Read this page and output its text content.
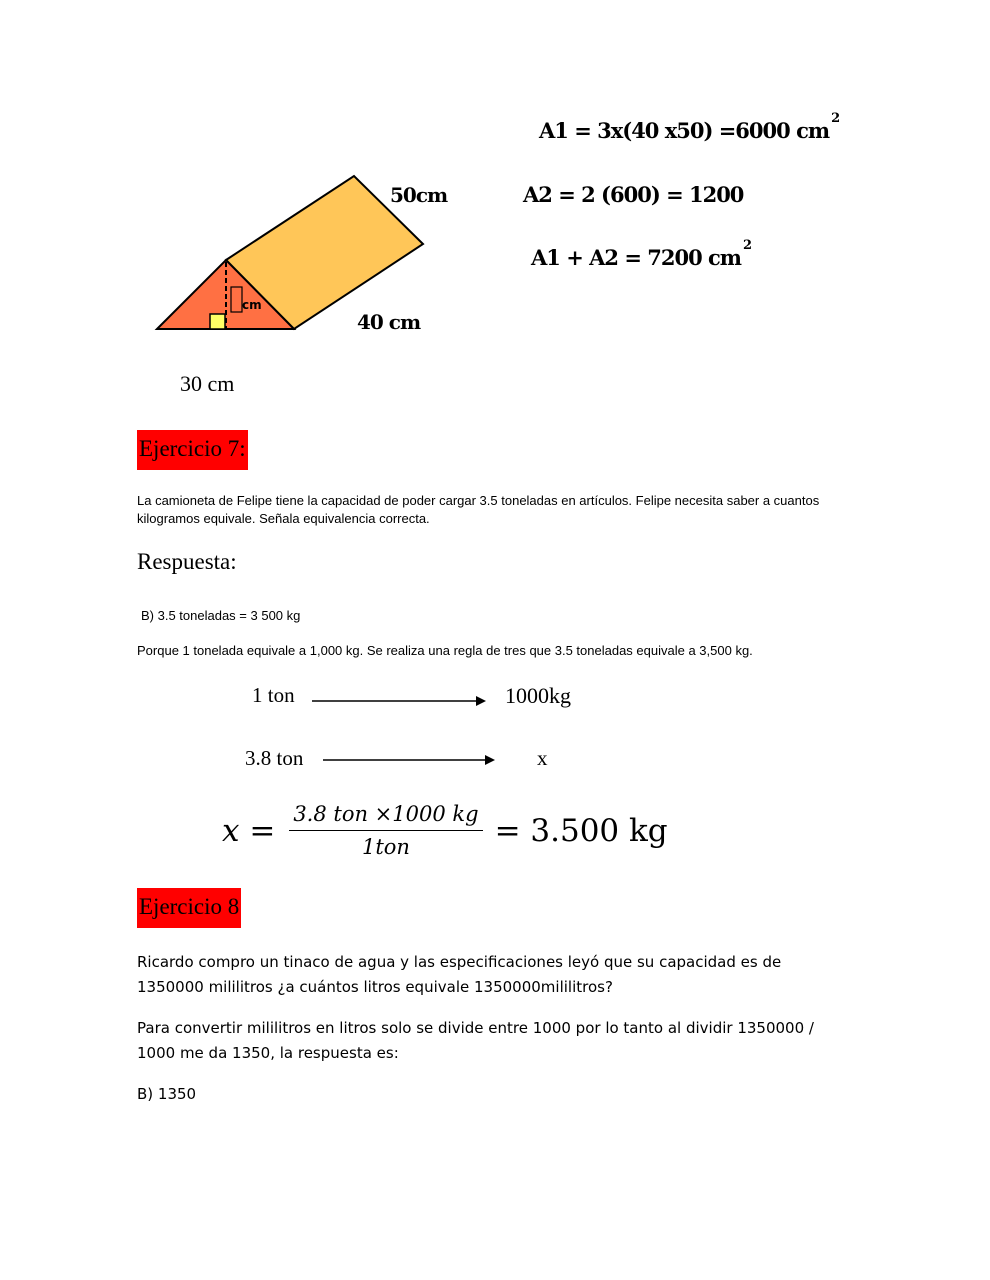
cm
50cm
40 cm
30 cm
A1 = 3x(40 x50) =6000 cm $^2$
A2 = 2 (600) = 1200
A1 + A2 = 7200 cm $^2$
Ejercicio 7:
La camioneta de Felipe tiene la capacidad de poder cargar 3.5 toneladas en artículos. Felipe necesita saber a cuantos kilogramos equivale. Señala equivalencia correcta.
Respuesta:
B) 3.5 toneladas = 3 500 kg
Porque 1 tonelada equivale a 1,000 kg. Se realiza una regla de tres que 3.5 toneladas equivale a 3,500 kg.
1 ton	1000kg
3.8 ton	x
$x = \frac{\text{3.8 ton ×1000 kg}}{\text{1ton}} = 3.500$ kg
Ejercicio 8
Ricardo compro un tinaco de agua y las especificaciones leyó que su capacidad es de 1350000 mililitros ¿a cuántos litros equivale 1350000mililitros?
Para convertir mililitros en litros solo se divide entre 1000 por lo tanto al dividir 1350000 / 1000 me da 1350, la respuesta es:
B) 1350
